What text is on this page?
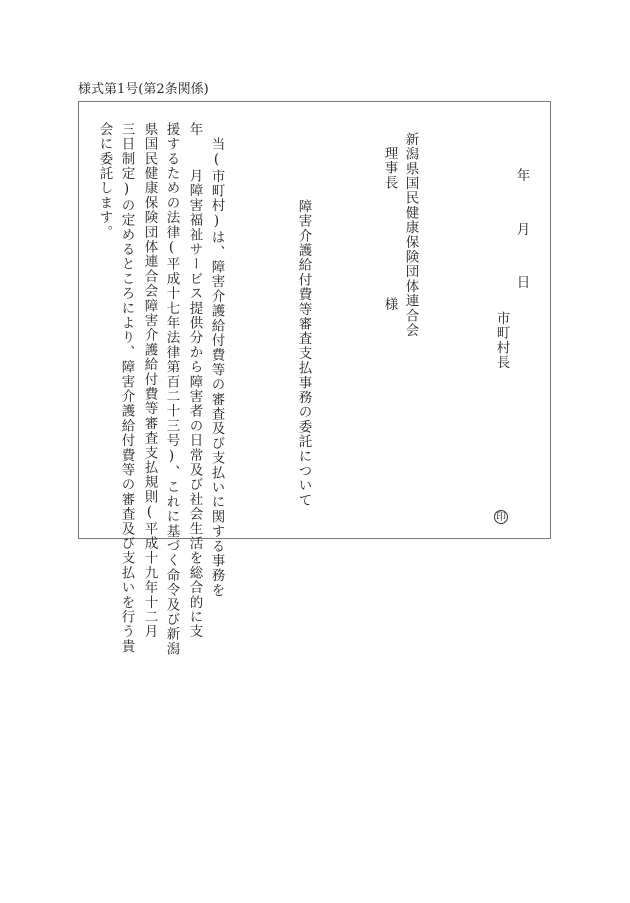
様式第1号(第2条関係)
年 月 日
市町村長
印
新潟県国民健康保険団体連合会
理事長
様
障害介護給付費等審査支払事務の委託について
当(市町村)は、障害介護給付費等の審査及び支払いに関する事務を
年　 月障害福祉サービス提供分から障害者の日常及び社会生活を総合的に支
援するための法律(平成十七年法律第百二十三号)、これに基づく命令及び新潟
県国民健康保険団体連合会障害介護給付費等審査支払規則(平成十九年十二月
三日制定)の定めるところにより、障害介護給付費等の審査及び支払いを行う貴
会に委託します。
